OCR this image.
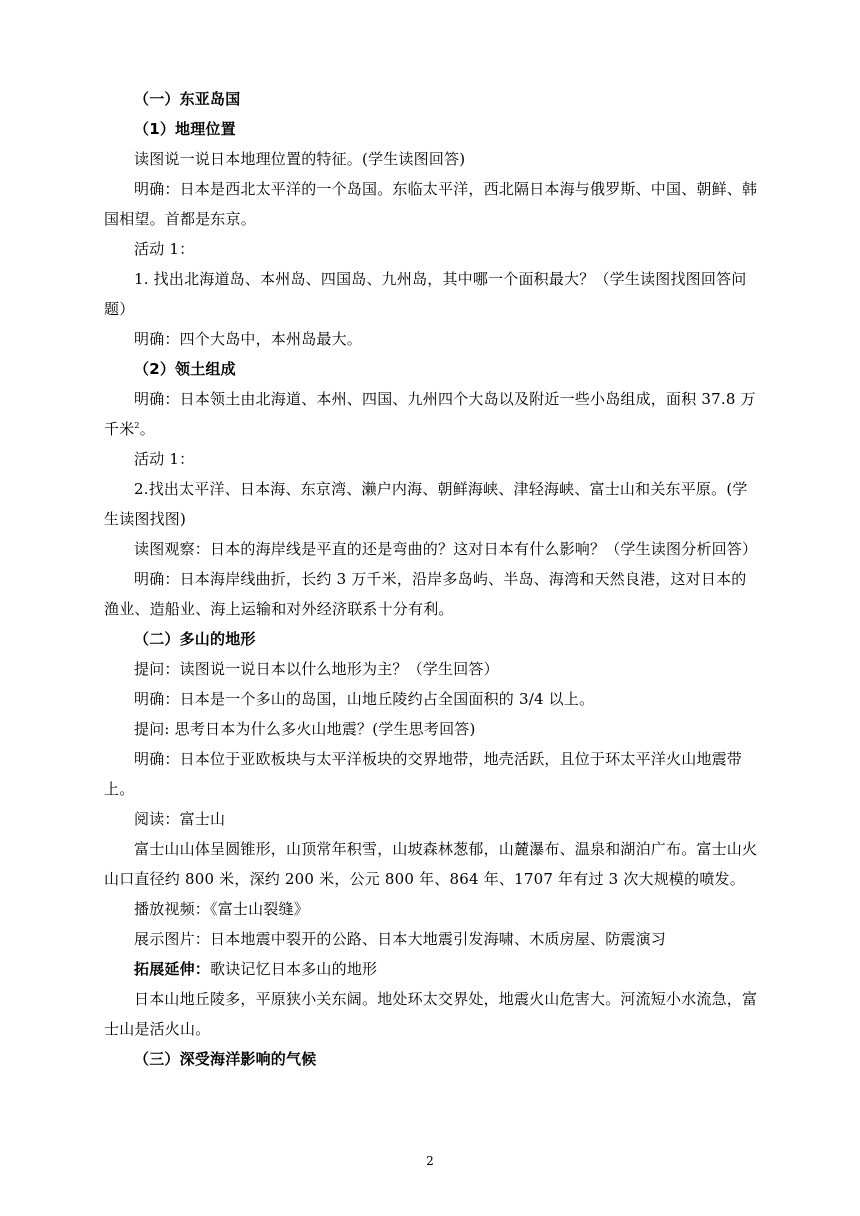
（一）东亚岛国

（1）地理位置

读图说一说日本地理位置的特征。(学生读图回答)

明确：日本是西北太平洋的一个岛国。东临太平洋，西北隔日本海与俄罗斯、中国、朝鲜、韩国相望。首都是东京。

活动 1：

1. 找出北海道岛、本州岛、四国岛、九州岛，其中哪一个面积最大？（学生读图找图回答问题）

明确：四个大岛中，本州岛最大。

（2）领土组成

明确：日本领土由北海道、本州、四国、九州四个大岛以及附近一些小岛组成，面积 37.8 万千米$^2$。

活动 1：

2.找出太平洋、日本海、东京湾、濑户内海、朝鲜海峡、津轻海峡、富士山和关东平原。(学生读图找图)

读图观察：日本的海岸线是平直的还是弯曲的？这对日本有什么影响？（学生读图分析回答）

明确：日本海岸线曲折，长约 3 万千米，沿岸多岛屿、半岛、海湾和天然良港，这对日本的渔业、造船业、海上运输和对外经济联系十分有利。

（二）多山的地形

提问：读图说一说日本以什么地形为主？（学生回答）

明确：日本是一个多山的岛国，山地丘陵约占全国面积的 3/4 以上。

提问: 思考日本为什么多火山地震？(学生思考回答)

明确：日本位于亚欧板块与太平洋板块的交界地带，地壳活跃，且位于环太平洋火山地震带上。

阅读：富士山

富士山山体呈圆锥形，山顶常年积雪，山坡森林葱郁，山麓瀑布、温泉和湖泊广布。富士山火山口直径约 800 米，深约 200 米，公元 800 年、864 年、1707 年有过 3 次大规模的喷发。

播放视频：《富士山裂缝》

展示图片：日本地震中裂开的公路、日本大地震引发海啸、木质房屋、防震演习

拓展延伸：歌诀记忆日本多山的地形

日本山地丘陵多，平原狭小关东阔。地处环太交界处，地震火山危害大。河流短小水流急，富士山是活火山。

（三）深受海洋影响的气候

2
